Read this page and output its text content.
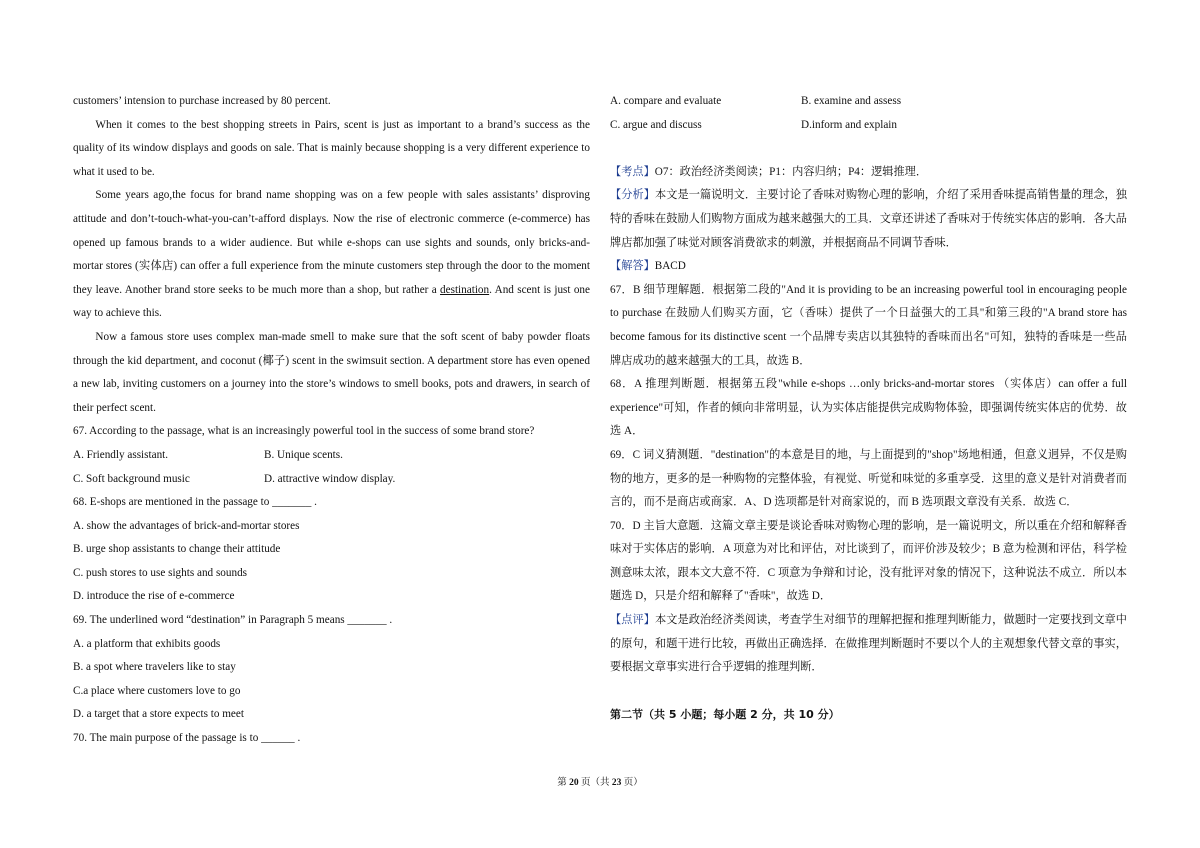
customers’ intension to purchase increased by 80 percent.

When it comes to the best shopping streets in Pairs, scent is just as important to a brand’s success as the quality of its window displays and goods on sale. That is mainly because shopping is a very different experience to what it used to be.

Some years ago,the focus for brand name shopping was on a few people with sales assistants’ disproving attitude and don’t-touch-what-you-can’t-afford displays. Now the rise of electronic commerce (e-commerce) has opened up famous brands to a wider audience. But while e-shops can use sights and sounds, only bricks-and-mortar stores (实体店) can offer a full experience from the minute customers step through the door to the moment they leave. Another brand store seeks to be much more than a shop, but rather a destination. And scent is just one way to achieve this.

Now a famous store uses complex man-made smell to make sure that the soft scent of baby powder floats through the kid department, and coconut (椰子) scent in the swimsuit section. A department store has even opened a new lab, inviting customers on a journey into the store’s windows to smell books, pots and drawers, in search of their perfect scent.

67. According to the passage, what is an increasingly powerful tool in the success of some brand store?

A. Friendly assistant.	B. Unique scents.
C. Soft background music	D. attractive window display.

68. E-shops are mentioned in the passage to _______ .

A. show the advantages of brick-and-mortar stores

B. urge shop assistants to change their attitude

C. push stores to use sights and sounds

D. introduce the rise of e-commerce

69. The underlined word “destination” in Paragraph 5 means _______ .

A. a platform that exhibits goods

B. a spot where travelers like to stay

C.a place where customers love to go

D. a target that a store expects to meet

70. The main purpose of the passage is to ______ .

A. compare and evaluate	B. examine and assess
C. argue and discuss	D.inform and explain

【考点】O7：政治经济类阅读；P1：内容归纳；P4：逻辑推理．

【分析】本文是一篇说明文．主要讨论了香味对购物心理的影响，介绍了采用香味提高销售量的理念，独特的香味在鼓励人们购物方面成为越来越强大的工具．文章还讲述了香味对于传统实体店的影响．各大品牌店都加强了味觉对顾客消费欲求的刺激，并根据商品不同调节香味．

【解答】BACD

67．B 细节理解题．根据第二段的"And it is providing to be an increasing powerful tool in encouraging people to purchase 在鼓励人们购买方面，它（香味）提供了一个日益强大的工具"和第三段的"A brand store has become famous for its distinctive scent 一个品牌专卖店以其独特的香味而出名"可知，独特的香味是一些品牌店成功的越来越强大的工具，故选 B．

68．A 推理判断题．根据第五段"while e-shops …only bricks-and-mortar stores （实体店）can offer a full experience"可知，作者的倾向非常明显，认为实体店能提供完成购物体验，即强调传统实体店的优势．故选 A．

69．C 词义猜测题．"destination"的本意是目的地，与上面提到的"shop"场地相通，但意义迥异，不仅是购物的地方，更多的是一种购物的完整体验，有视觉、听觉和味觉的多重享受．这里的意义是针对消费者而言的，而不是商店或商家．A、D 选项都是针对商家说的，而 B 选项跟文章没有关系．故选 C．

70．D 主旨大意题．这篇文章主要是谈论香味对购物心理的影响，是一篇说明文，所以重在介绍和解释香味对于实体店的影响．A 项意为对比和评估，对比谈到了，而评价涉及较少；B 意为检测和评估，科学检测意味太浓，跟本文大意不符．C 项意为争辩和讨论，没有批评对象的情况下，这种说法不成立．所以本题选 D，只是介绍和解释了"香味"，故选 D．

【点评】本文是政治经济类阅读，考查学生对细节的理解把握和推理判断能力，做题时一定要找到文章中的原句，和题干进行比较，再做出正确选择．在做推理判断题时不要以个人的主观想象代替文章的事实，要根据文章事实进行合乎逻辑的推理判断．

第二节（共 5 小题；每小题 2 分，共 10 分）

第 20 页（共 23 页）
